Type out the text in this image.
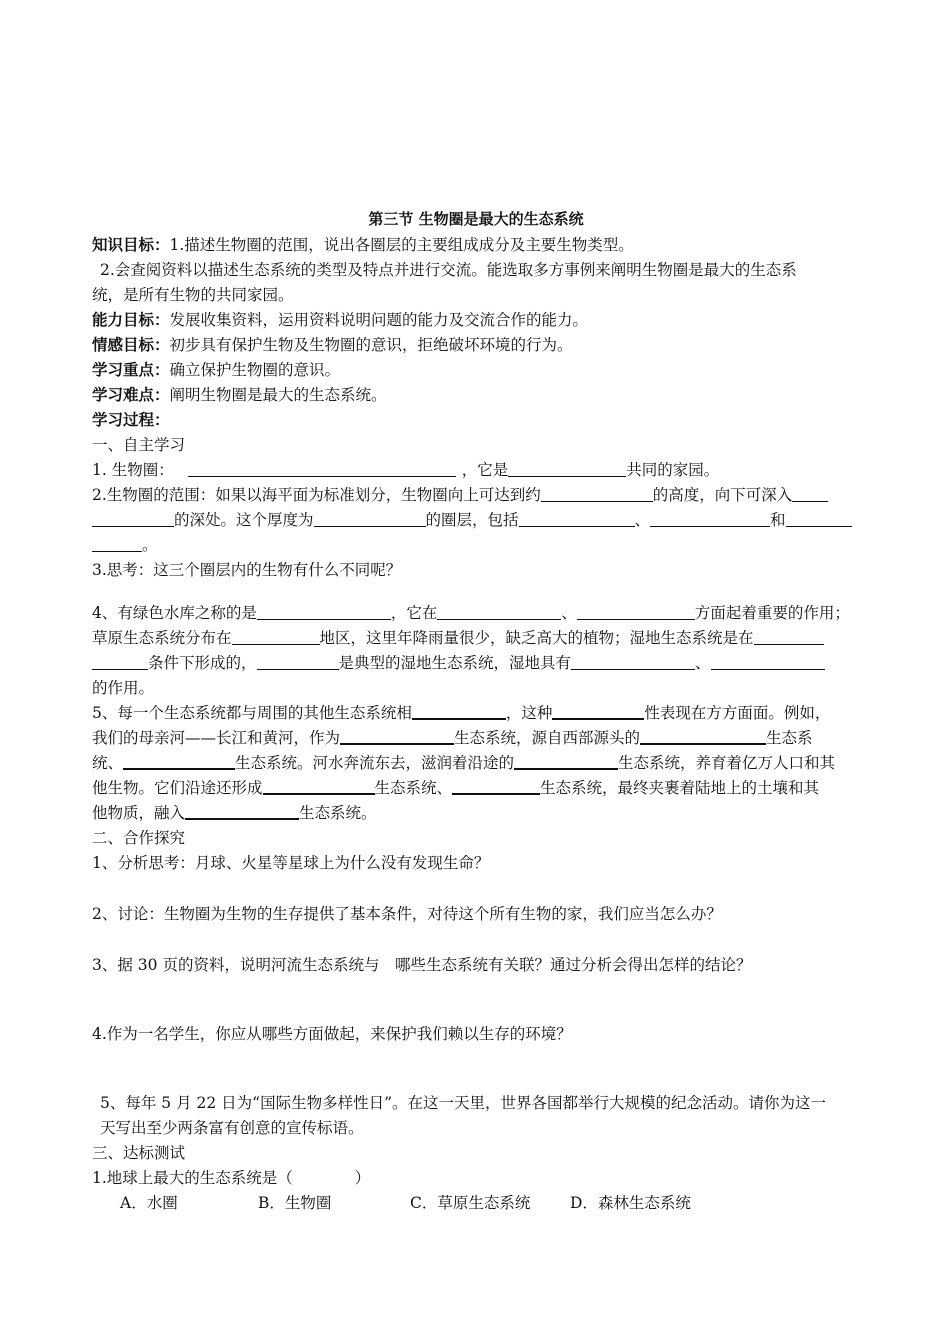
第三节 生物圈是最大的生态系统
知识目标：1.描述生物圈的范围，说出各圈层的主要组成成分及主要生物类型。
2.会查阅资料以描述生态系统的类型及特点并进行交流。能选取多方事例来阐明生物圈是最大的生态系
统，是所有生物的共同家园。
能力目标：发展收集资料，运用资料说明问题的能力及交流合作的能力。
情感目标：初步具有保护生物及生物圈的意识，拒绝破坏环境的行为。
学习重点：确立保护生物圈的意识。
学习难点：阐明生物圈是最大的生态系统。
学习过程：
一、自主学习
1. 生物圈：	，它是	共同的家园。
2.生物圈的范围：如果以海平面为标准划分，生物圈向上可达到约	的高度，向下可深入
的深处。这个厚度为	的圈层，包括	、	和
。
3.思考：这三个圈层内的生物有什么不同呢？
4、有绿色水库之称的是	，它在	、	方面起着重要的作用；
草原生态系统分布在	地区，这里年降雨量很少，缺乏高大的植物；湿地生态系统是在
条件下形成的，	是典型的湿地生态系统，湿地具有	、
的作用。
5、每一个生态系统都与周围的其他生态系统相	，这种	性表现在方方面面。例如，
我们的母亲河——长江和黄河，作为	生态系统，源自西部源头的	生态系
统、	生态系统。河水奔流东去，滋润着沿途的	生态系统，养育着亿万人口和其
他生物。它们沿途还形成	生态系统、	生态系统，最终夹裹着陆地上的土壤和其
他物质，融入	生态系统。
二、合作探究
1、分析思考：月球、火星等星球上为什么没有发现生命？
2、讨论：生物圈为生物的生存提供了基本条件，对待这个所有生物的家，我们应当怎么办？
3、据 30 页的资料，说明河流生态系统与　哪些生态系统有关联？通过分析会得出怎样的结论？
4.作为一名学生，你应从哪些方面做起，来保护我们赖以生存的环境？
5、每年 5 月 22 日为“国际生物多样性日”。在这一天里，世界各国都举行大规模的纪念活动。请你为这一
天写出至少两条富有创意的宣传标语。
三、达标测试
1.地球上最大的生态系统是（　　　　）
A．水圈	B．生物圈	C．草原生态系统	D．森林生态系统
